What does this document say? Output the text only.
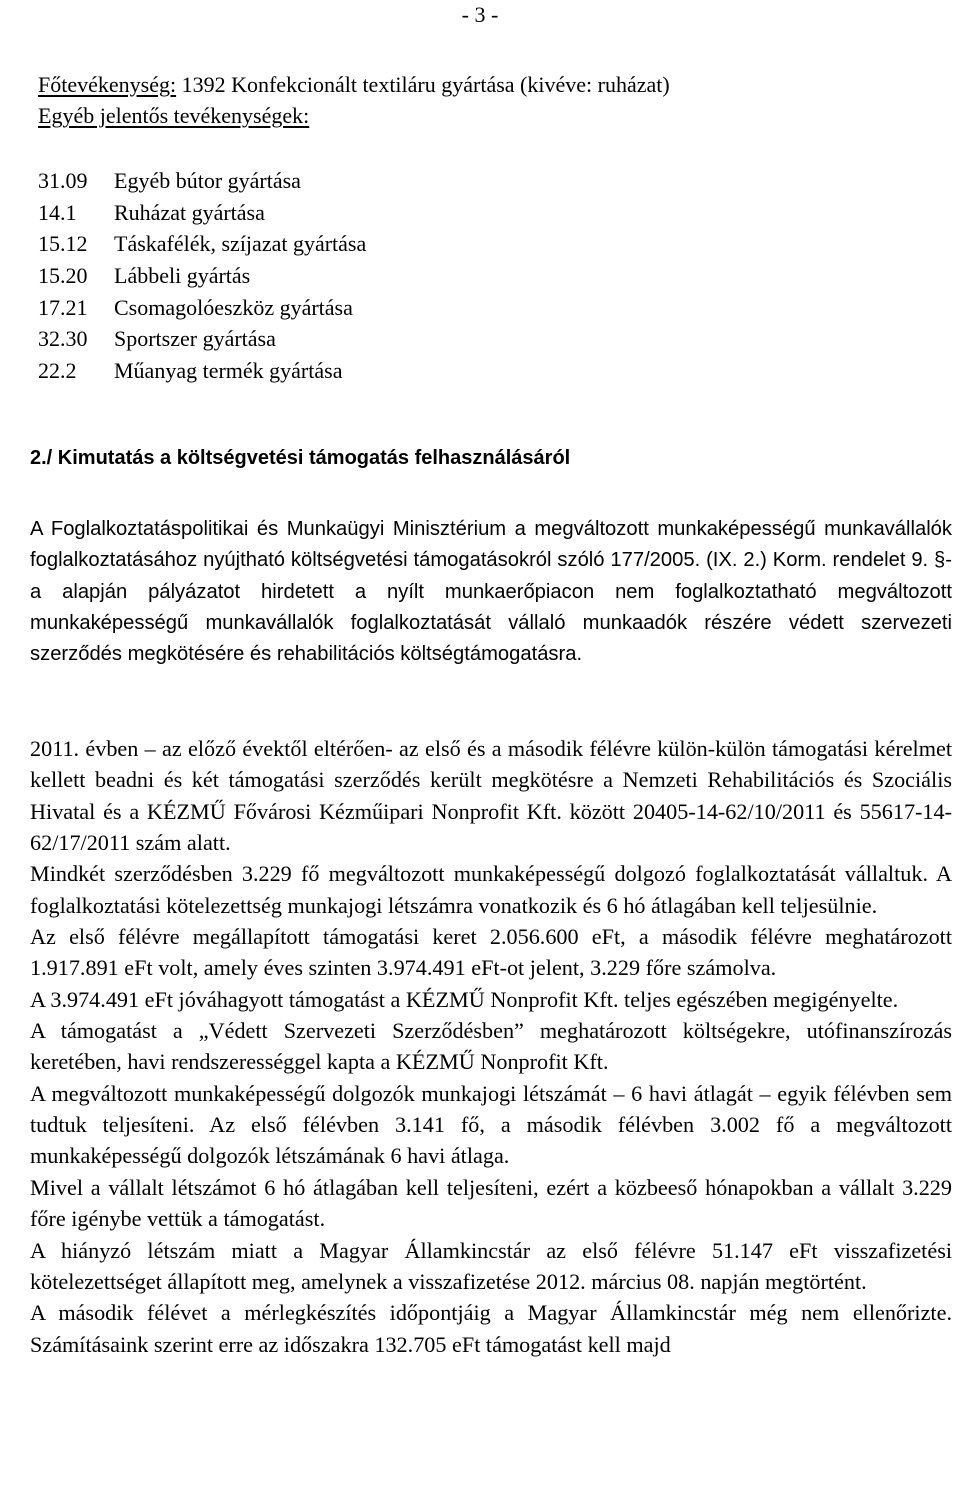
- 3 -
Főtevékenység: 1392 Konfekcionált textiláru gyártása (kivéve: ruházat)
Egyéb jelentős tevékenységek:
31.09 Egyéb bútor gyártása
14.1 Ruházat gyártása
15.12 Táskafélék, szíjazat gyártása
15.20 Lábbeli gyártás
17.21 Csomagolóeszköz gyártása
32.30 Sportszer gyártása
22.2 Műanyag termék gyártása
2./ Kimutatás a költségvetési támogatás felhasználásáról
A Foglalkoztatáspolitikai és Munkaügyi Minisztérium a megváltozott munkaképességű munkavállalók foglalkoztatásához nyújtható költségvetési támogatásokról szóló 177/2005. (IX. 2.) Korm. rendelet 9. §-a alapján pályázatot hirdetett a nyílt munkaerőpiacon nem foglalkoztatható megváltozott munkaképességű munkavállalók foglalkoztatását vállaló munkaadók részére védett szervezeti szerződés megkötésére és rehabilitációs költségtámogatásra.

2011. évben – az előző évektől eltérően- az első és a második félévre külön-külön támogatási kérelmet kellett beadni és két támogatási szerződés került megkötésre a Nemzeti Rehabilitációs és Szociális Hivatal és a KÉZMŰ Fővárosi Kézműipari Nonprofit Kft. között 20405-14-62/10/2011 és 55617-14-62/17/2011 szám alatt.

Mindkét szerződésben 3.229 fő megváltozott munkaképességű dolgozó foglalkoztatását vállaltuk. A foglalkoztatási kötelezettség munkajogi létszámra vonatkozik és 6 hó átlagában kell teljesülnie.

Az első félévre megállapított támogatási keret 2.056.600 eFt, a második félévre meghatározott 1.917.891 eFt volt, amely éves szinten 3.974.491 eFt-ot jelent, 3.229 főre számolva.

A 3.974.491 eFt jóváhagyott támogatást a KÉZMŰ Nonprofit Kft. teljes egészében megigényelte.

A támogatást a „Védett Szervezeti Szerződésben” meghatározott költségekre, utófinanszírozás keretében, havi rendszerességgel kapta a KÉZMŰ Nonprofit Kft.

A megváltozott munkaképességű dolgozók munkajogi létszámát – 6 havi átlagát – egyik félévben sem tudtuk teljesíteni. Az első félévben 3.141 fő, a második félévben 3.002 fő a megváltozott munkaképességű dolgozók létszámának 6 havi átlaga.

Mivel a vállalt létszámot 6 hó átlagában kell teljesíteni, ezért a közbeeső hónapokban a vállalt 3.229 főre igénybe vettük a támogatást.

A hiányzó létszám miatt a Magyar Államkincstár az első félévre 51.147 eFt visszafizetési kötelezettséget állapított meg, amelynek a visszafizetése 2012. március 08. napján megtörtént.

A második félévet a mérlegkészítés időpontjáig a Magyar Államkincstár még nem ellenőrizte. Számításaink szerint erre az időszakra 132.705 eFt támogatást kell majd
